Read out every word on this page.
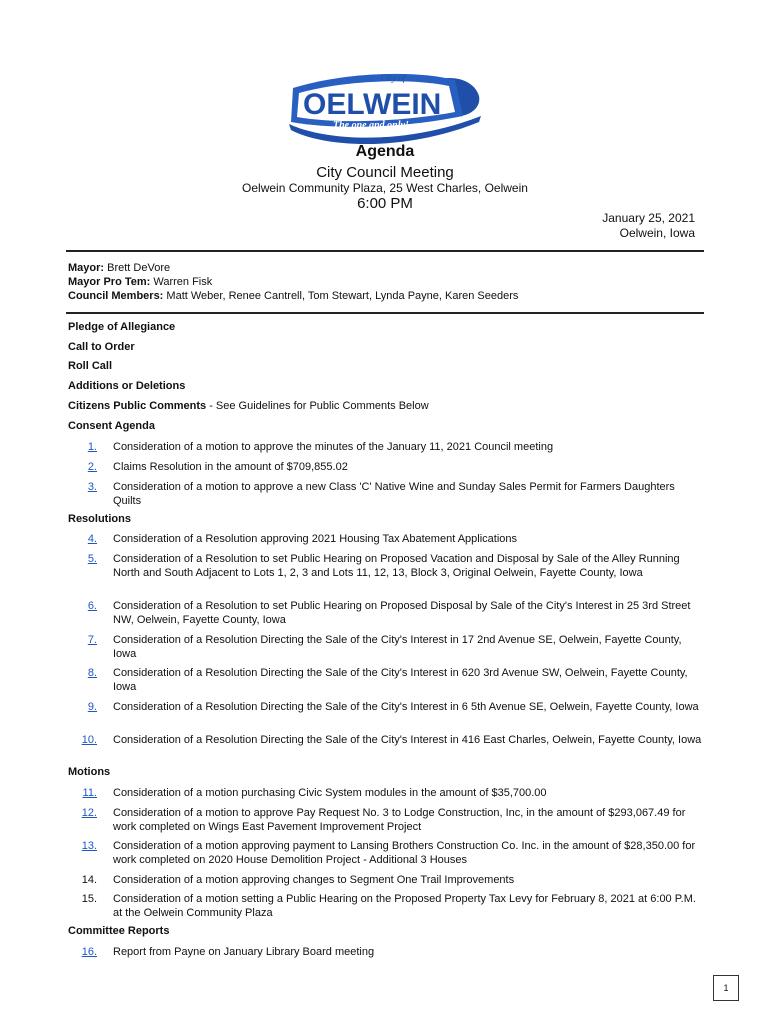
OELWEIN
City of
The one and only!
Agenda
City Council Meeting
Oelwein Community Plaza, 25 West Charles, Oelwein
6:00 PM
January 25, 2021
Oelwein, Iowa
Mayor: Brett DeVore
Mayor Pro Tem: Warren Fisk
Council Members: Matt Weber, Renee Cantrell, Tom Stewart, Lynda Payne, Karen Seeders
Pledge of Allegiance
Call to Order
Roll Call
Additions or Deletions
Citizens Public Comments - See Guidelines for Public Comments Below
Consent Agenda
1. Consideration of a motion to approve the minutes of the January 11, 2021 Council meeting
2. Claims Resolution in the amount of $709,855.02
3. Consideration of a motion to approve a new Class 'C' Native Wine and Sunday Sales Permit for Farmers Daughters Quilts
Resolutions
4. Consideration of a Resolution approving 2021 Housing Tax Abatement Applications
5. Consideration of a Resolution to set Public Hearing on Proposed Vacation and Disposal by Sale of the Alley Running North and South Adjacent to Lots 1, 2, 3 and Lots 11, 12, 13, Block 3, Original Oelwein, Fayette County, Iowa
6. Consideration of a Resolution to set Public Hearing on Proposed Disposal by Sale of the City's Interest in 25 3rd Street NW, Oelwein, Fayette County, Iowa
7. Consideration of a Resolution Directing the Sale of the City's Interest in 17 2nd Avenue SE, Oelwein, Fayette County, Iowa
8. Consideration of a Resolution Directing the Sale of the City's Interest in 620 3rd Avenue SW, Oelwein, Fayette County, Iowa
9. Consideration of a Resolution Directing the Sale of the City's Interest in 6 5th Avenue SE, Oelwein, Fayette County, Iowa
10. Consideration of a Resolution Directing the Sale of the City's Interest in 416 East Charles, Oelwein, Fayette County, Iowa
Motions
11. Consideration of a motion purchasing Civic System modules in the amount of $35,700.00
12. Consideration of a motion to approve Pay Request No. 3 to Lodge Construction, Inc, in the amount of $293,067.49 for work completed on Wings East Pavement Improvement Project
13. Consideration of a motion approving payment to Lansing Brothers Construction Co. Inc. in the amount of $28,350.00 for work completed on 2020 House Demolition Project - Additional 3 Houses
14. Consideration of a motion approving changes to Segment One Trail Improvements
15. Consideration of a motion setting a Public Hearing on the Proposed Property Tax Levy for February 8, 2021 at 6:00 P.M. at the Oelwein Community Plaza
Committee Reports
16. Report from Payne on January Library Board meeting
1
